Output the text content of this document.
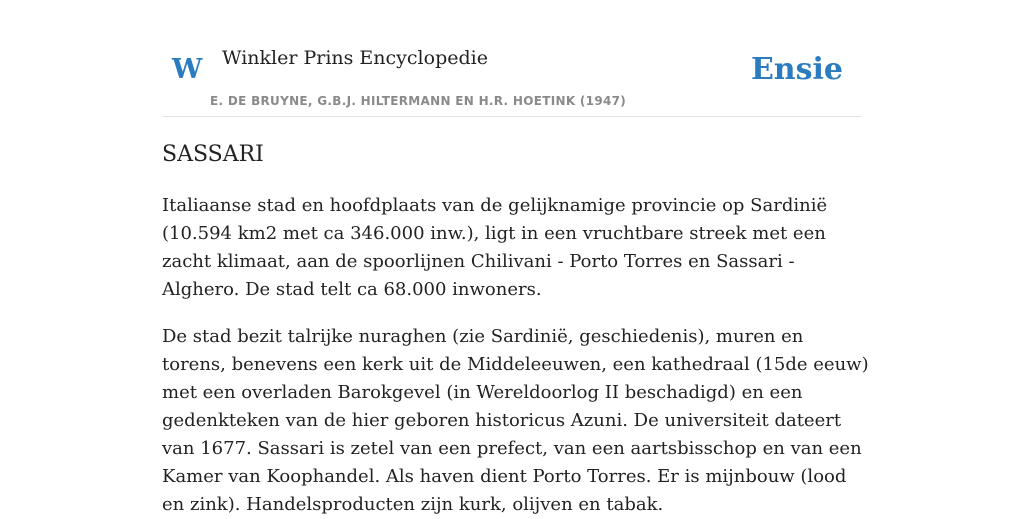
W Winkler Prins Encyclopedie
E. DE BRUYNE, G.B.J. HILTERMANN EN H.R. HOETINK (1947)
Ensie
SASSARI

Italiaanse stad en hoofdplaats van de gelijknamige provincie op Sardinië (10.594 km2 met ca 346.000 inw.), ligt in een vruchtbare streek met een zacht klimaat, aan de spoorlijnen Chilivani - Porto Torres en Sassari - Alghero. De stad telt ca 68.000 inwoners.

De stad bezit talrijke nuraghen (zie Sardinië, geschiedenis), muren en torens, benevens een kerk uit de Middeleeuwen, een kathedraal (15de eeuw) met een overladen Barokgevel (in Wereldoorlog II beschadigd) en een gedenkteken van de hier geboren historicus Azuni. De universiteit dateert van 1677. Sassari is zetel van een prefect, van een aartsbisschop en van een Kamer van Koophandel. Als haven dient Porto Torres. Er is mijnbouw (lood en zink). Handelsproducten zijn kurk, olijven en tabak.
